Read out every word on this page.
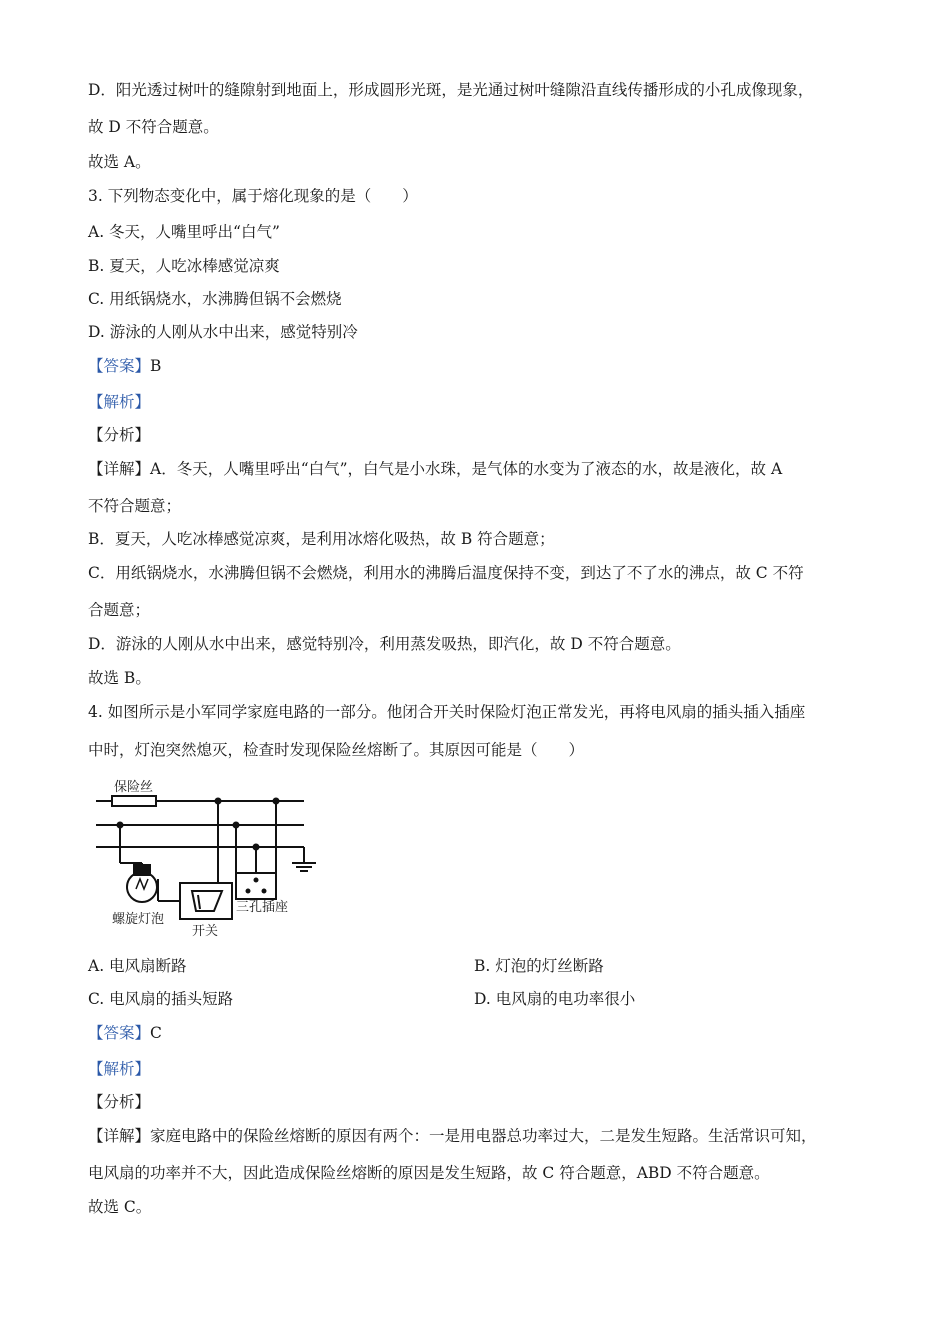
D．阳光透过树叶的缝隙射到地面上，形成圆形光斑，是光通过树叶缝隙沿直线传播形成的小孔成像现象，
故 D 不符合题意。
故选 A。
3. 下列物态变化中，属于熔化现象的是（　　）
A. 冬天，人嘴里呼出“白气”
B. 夏天，人吃冰棒感觉凉爽
C. 用纸锅烧水，水沸腾但锅不会燃烧
D. 游泳的人刚从水中出来，感觉特别冷
【答案】B
【解析】
【分析】
【详解】A．冬天，人嘴里呼出“白气”，白气是小水珠，是气体的水变为了液态的水，故是液化，故 A
不符合题意；
B．夏天，人吃冰棒感觉凉爽，是利用冰熔化吸热，故 B 符合题意；
C．用纸锅烧水，水沸腾但锅不会燃烧，利用水的沸腾后温度保持不变，到达了不了水的沸点，故 C 不符
合题意；
D．游泳的人刚从水中出来，感觉特别冷，利用蒸发吸热，即汽化，故 D 不符合题意。
故选 B。
4. 如图所示是小军同学家庭电路的一部分。他闭合开关时保险灯泡正常发光，再将电风扇的插头插入插座
中时，灯泡突然熄灭，检查时发现保险丝熔断了。其原因可能是（　　）
保险丝
螺旋灯泡
开关
三孔插座
A. 电风扇断路	B. 灯泡的灯丝断路
C. 电风扇的插头短路	D. 电风扇的电功率很小
【答案】C
【解析】
【分析】
【详解】家庭电路中的保险丝熔断的原因有两个：一是用电器总功率过大，二是发生短路。生活常识可知，
电风扇的功率并不大，因此造成保险丝熔断的原因是发生短路，故 C 符合题意，ABD 不符合题意。
故选 C。
